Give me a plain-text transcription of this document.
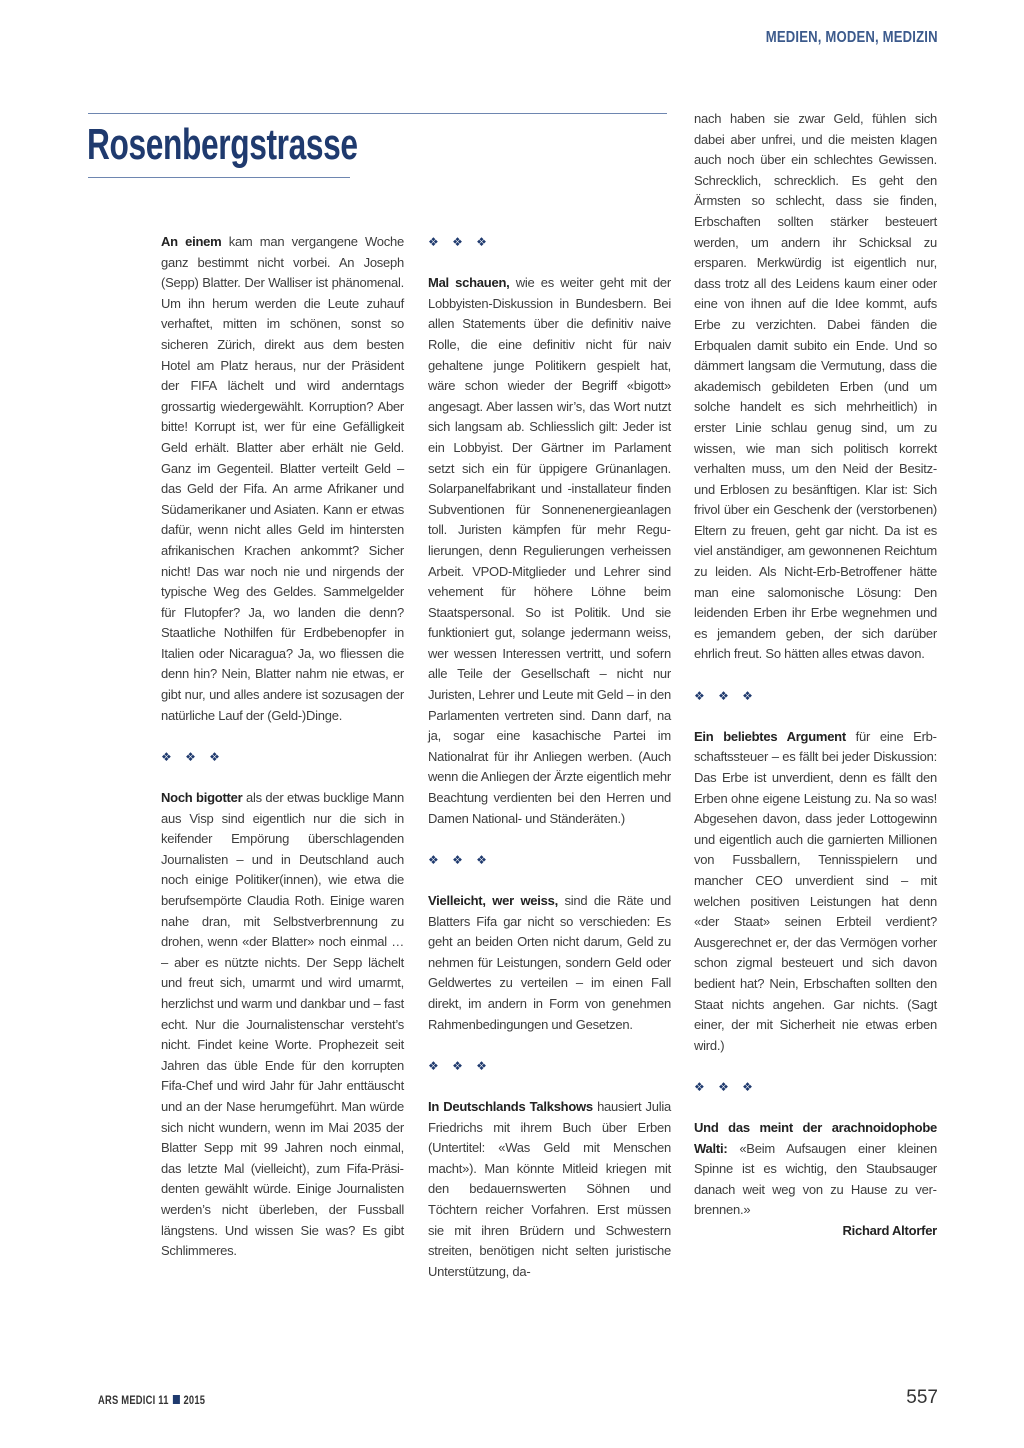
MEDIEN, MODEN, MEDIZIN
Rosenbergstrasse

An einem kam man vergangene Woche ganz bestimmt nicht vorbei. An Joseph (Sepp) Blatter. Der Walliser ist phänomenal. Um ihn herum werden die Leute zuhauf verhaftet, mitten im schönen, sonst so sicheren Zürich, direkt aus dem besten Hotel am Platz heraus, nur der Präsident der FIFA lächelt und wird anderntags grossartig wiedergewählt. Korruption? Aber bitte! Korrupt ist, wer für eine Gefälligkeit Geld erhält. Blatter aber erhält nie Geld. Ganz im Gegenteil. Blatter verteilt Geld – das Geld der Fifa. An arme Afrikaner und Südamerikaner und Asiaten. Kann er etwas dafür, wenn nicht alles Geld im hintersten afrikanischen Krachen ankommt? Sicher nicht! Das war noch nie und nirgends der typische Weg des Geldes. Sammelgelder für Flutopfer? Ja, wo landen die denn? Staatliche Nothilfen für Erdbebenopfer in Italien oder Nicaragua? Ja, wo fliessen die denn hin? Nein, Blatter nahm nie etwas, er gibt nur, und alles andere ist sozusagen der natürliche Lauf der (Geld-)Dinge.

❖ ❖ ❖

Noch bigotter als der etwas bucklige Mann aus Visp sind eigentlich nur die sich in keifender Empörung überschlagenden Journalisten – und in Deutschland auch noch einige Politiker(innen), wie etwa die berufsempörte Claudia Roth. Einige waren nahe dran, mit Selbstverbrennung zu drohen, wenn «der Blatter» noch einmal … – aber es nützte nichts. Der Sepp lächelt und freut sich, umarmt und wird umarmt, herzlichst und warm und dankbar und – fast echt. Nur die Journalistenschar versteht’s nicht. Findet keine Worte. Prophezeit seit Jahren das üble Ende für den korrupten Fifa-Chef und wird Jahr für Jahr enttäuscht und an der Nase herumgeführt. Man würde sich nicht wundern, wenn im Mai 2035 der Blatter Sepp mit 99 Jahren noch einmal, das letzte Mal (vielleicht), zum Fifa-Präsidenten gewählt würde. Einige Journalisten werden’s nicht überleben, der Fussball längstens. Und wissen Sie was? Es gibt Schlimmeres.

❖ ❖ ❖

Mal schauen, wie es weiter geht mit der Lobbyisten-Diskussion in Bundesbern. Bei allen Statements über die definitiv naive Rolle, die eine definitiv nicht für naiv gehaltene junge Politikern gespielt hat, wäre schon wieder der Begriff «bigott» angesagt. Aber lassen wir’s, das Wort nutzt sich langsam ab. Schliesslich gilt: Jeder ist ein Lobbyist. Der Gärtner im Parlament setzt sich ein für üppigere Grünanlagen. Solarpanelfabrikant und -installateur finden Subventionen für Sonnenenergieanlagen toll. Juristen kämpfen für mehr Regulierungen, denn Regulierungen verheissen Arbeit. VPOD-Mitglieder und Lehrer sind vehement für höhere Löhne beim Staatspersonal. So ist Politik. Und sie funktioniert gut, solange jedermann weiss, wer wessen Interessen vertritt, und sofern alle Teile der Gesellschaft – nicht nur Juristen, Lehrer und Leute mit Geld – in den Parlamenten vertreten sind. Dann darf, na ja, sogar eine kasachische Partei im Nationalrat für ihr Anliegen werben. (Auch wenn die Anliegen der Ärzte eigentlich mehr Beachtung verdienten bei den Herren und Damen National- und Ständeräten.)

❖ ❖ ❖

Vielleicht, wer weiss, sind die Räte und Blatters Fifa gar nicht so verschieden: Es geht an beiden Orten nicht darum, Geld zu nehmen für Leistungen, sondern Geld oder Geldwertes zu verteilen – im einen Fall direkt, im andern in Form von genehmen Rahmenbedingungen und Gesetzen.

❖ ❖ ❖

In Deutschlands Talkshows hausiert Julia Friedrichs mit ihrem Buch über Erben (Untertitel: «Was Geld mit Menschen macht»). Man könnte Mitleid kriegen mit den bedauernswerten Söhnen und Töchtern reicher Vorfahren. Erst müssen sie mit ihren Brüdern und Schwestern streiten, benötigen nicht selten juristische Unterstützung, da-

nach haben sie zwar Geld, fühlen sich dabei aber unfrei, und die meisten klagen auch noch über ein schlechtes Gewissen. Schrecklich, schrecklich. Es geht den Ärmsten so schlecht, dass sie finden, Erbschaften sollten stärker besteuert werden, um andern ihr Schicksal zu ersparen. Merkwürdig ist eigentlich nur, dass trotz all des Leidens kaum einer oder eine von ihnen auf die Idee kommt, aufs Erbe zu verzichten. Dabei fänden die Erbqualen damit subito ein Ende. Und so dämmert langsam die Vermutung, dass die akademisch gebildeten Erben (und um solche handelt es sich mehrheitlich) in erster Linie schlau genug sind, um zu wissen, wie man sich politisch korrekt verhalten muss, um den Neid der Besitz- und Erblosen zu besänftigen. Klar ist: Sich frivol über ein Geschenk der (verstorbenen) Eltern zu freuen, geht gar nicht. Da ist es viel anständiger, am gewonnenen Reichtum zu leiden. Als Nicht-Erb-Betroffener hätte man eine salomonische Lösung: Den leidenden Erben ihr Erbe wegnehmen und es jemandem geben, der sich darüber ehrlich freut. So hätten alles etwas davon.

❖ ❖ ❖

Ein beliebtes Argument für eine Erbschaftssteuer – es fällt bei jeder Diskussion: Das Erbe ist unverdient, denn es fällt den Erben ohne eigene Leistung zu. Na so was! Abgesehen davon, dass jeder Lottogewinn und eigentlich auch die garnierten Millionen von Fussballern, Tennisspielern und mancher CEO unverdient sind – mit welchen positiven Leistungen hat denn «der Staat» seinen Erbteil verdient? Ausgerechnet er, der das Vermögen vorher schon zigmal besteuert und sich davon bedient hat? Nein, Erbschaften sollten den Staat nichts angehen. Gar nichts. (Sagt einer, der mit Sicherheit nie etwas erben wird.)

❖ ❖ ❖

Und das meint der arachnoidophobe Walti: «Beim Aufsaugen einer kleinen Spinne ist es wichtig, den Staubsauger danach weit weg von zu Hause zu verbrennen.»

Richard Altorfer

ARS MEDICI 11 2015	557
